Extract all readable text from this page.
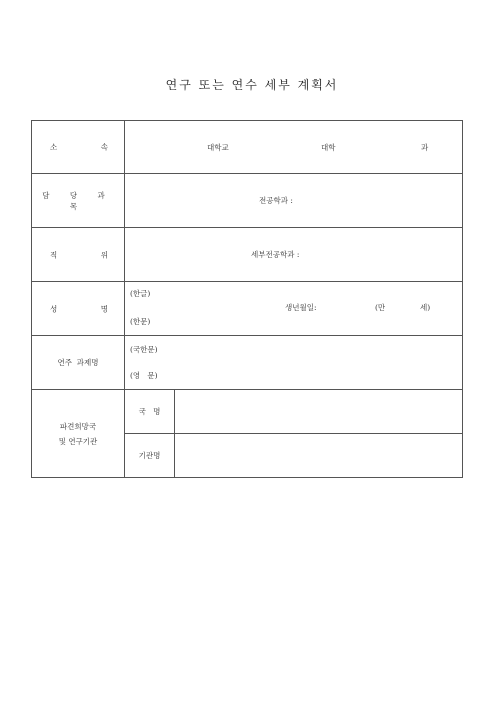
연구 또는 연수 세부 계획서
소 속	대학교 대학 과	

담 당 과 목	전공학과 :	

직 위	세부전공학과 :	

성 명	(한글)
(한문)
생년월일: (만 세)	

연주  과제명	(국한문)
(영   문)	

파견희망국
및 연구기관	국   명	
	기관명	
